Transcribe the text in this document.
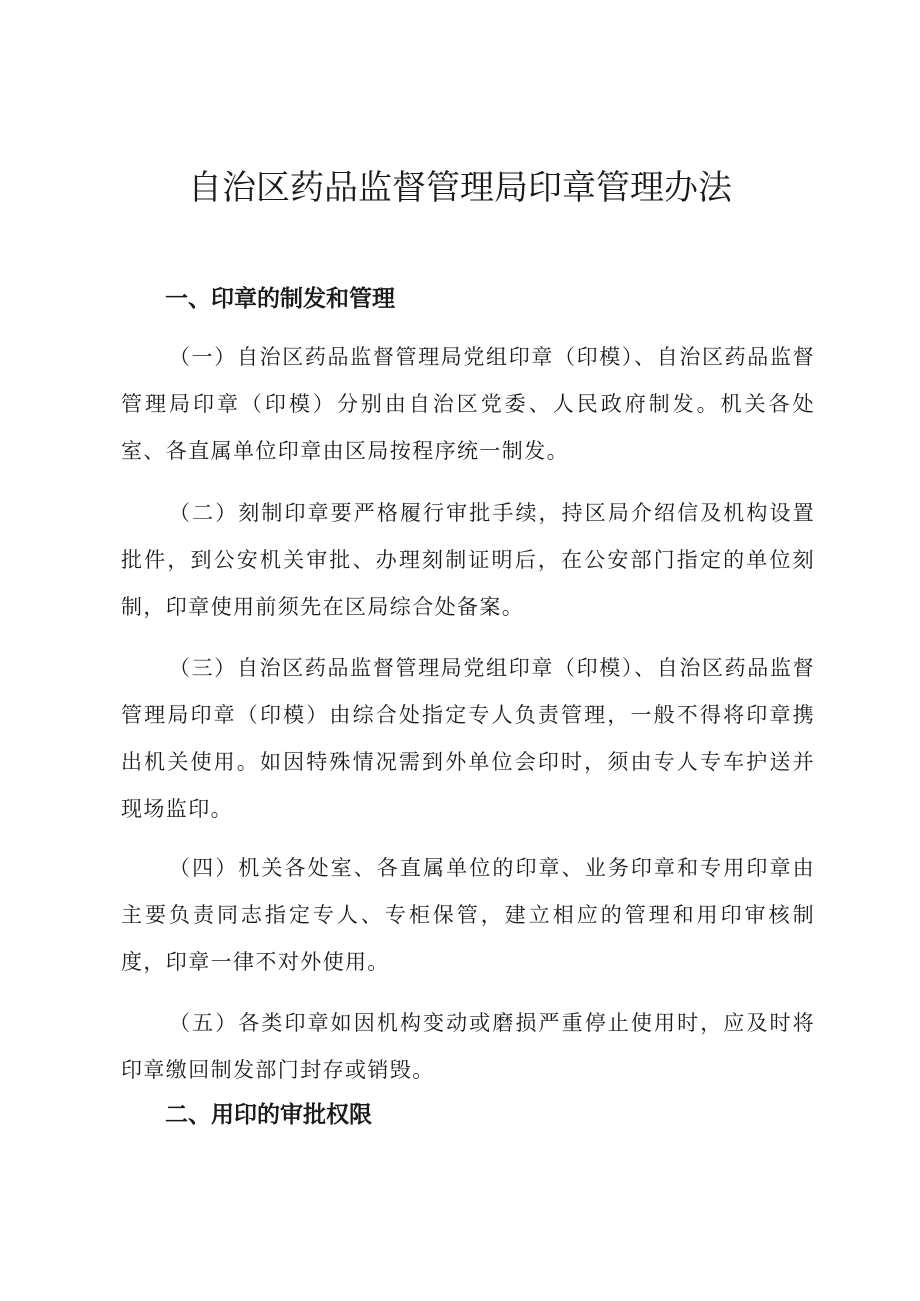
自治区药品监督管理局印章管理办法
一、印章的制发和管理

（一）自治区药品监督管理局党组印章（印模）、自治区药品监督管理局印章（印模）分别由自治区党委、人民政府制发。机关各处室、各直属单位印章由区局按程序统一制发。

（二）刻制印章要严格履行审批手续，持区局介绍信及机构设置批件，到公安机关审批、办理刻制证明后，在公安部门指定的单位刻制，印章使用前须先在区局综合处备案。

（三）自治区药品监督管理局党组印章（印模）、自治区药品监督管理局印章（印模）由综合处指定专人负责管理，一般不得将印章携出机关使用。如因特殊情况需到外单位会印时，须由专人专车护送并现场监印。

（四）机关各处室、各直属单位的印章、业务印章和专用印章由主要负责同志指定专人、专柜保管，建立相应的管理和用印审核制度，印章一律不对外使用。

（五）各类印章如因机构变动或磨损严重停止使用时，应及时将印章缴回制发部门封存或销毁。

二、用印的审批权限
